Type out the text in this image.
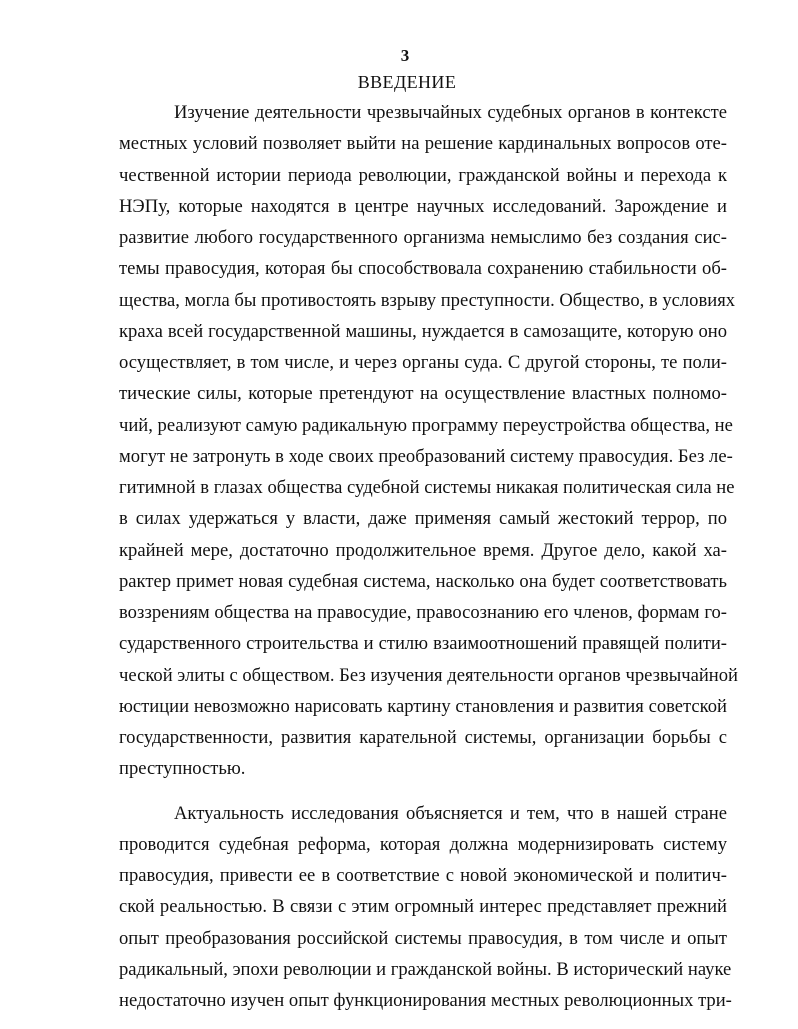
3
ВВЕДЕНИЕ
Изучение деятельности чрезвычайных судебных органов в контексте
местных условий позволяет выйти на решение кардинальных вопросов оте-
чественной истории периода революции, гражданской войны и перехода к
НЭПу, которые находятся в центре научных исследований. Зарождение и
развитие любого государственного организма немыслимо без создания сис-
темы правосудия, которая бы способствовала сохранению стабильности об-
щества, могла бы противостоять взрыву преступности. Общество, в условиях
краха всей государственной машины, нуждается в самозащите, которую оно
осуществляет, в том числе, и через органы суда. С другой стороны, те поли-
тические силы, которые претендуют на осуществление властных полномо-
чий, реализуют самую радикальную программу переустройства общества, не
могут не затронуть в ходе своих преобразований систему правосудия. Без ле-
гитимной в глазах общества судебной системы никакая политическая сила не
в силах удержаться у власти, даже применяя самый жестокий террор, по
крайней мере, достаточно продолжительное время. Другое дело, какой ха-
рактер примет новая судебная система, насколько она будет соответствовать
воззрениям общества на правосудие, правосознанию его членов, формам го-
сударственного строительства и стилю взаимоотношений правящей полити-
ческой элиты с обществом. Без изучения деятельности органов чрезвычайной
юстиции невозможно нарисовать картину становления и развития советской
государственности, развития карательной системы, организации борьбы с
преступностью.
Актуальность исследования объясняется и тем, что в нашей стране
проводится судебная реформа, которая должна модернизировать систему
правосудия, привести ее в соответствие с новой экономической и политич-
ской реальностью. В связи с этим огромный интерес представляет прежний
опыт преобразования российской системы правосудия, в том числе и опыт
радикальный, эпохи революции и гражданской войны. В исторический науке
недостаточно изучен опыт функционирования местных революционных три-
